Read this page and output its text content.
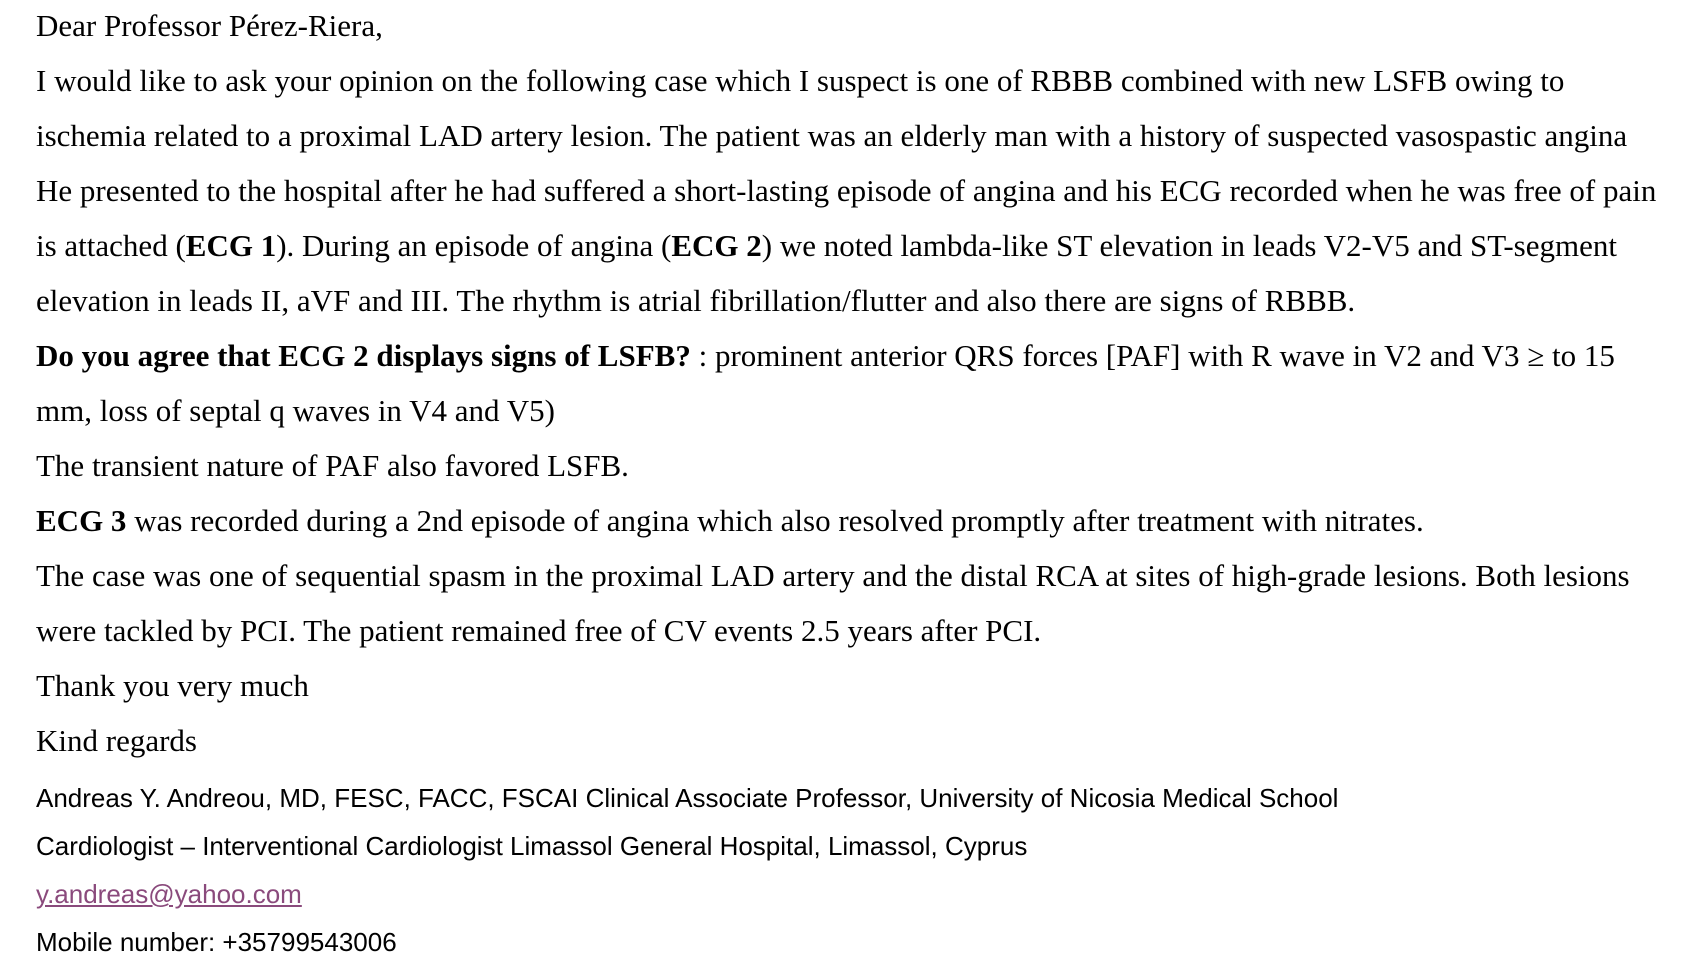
Dear Professor Pérez-Riera,

I would like to ask your opinion on the following case which I suspect is one of RBBB combined with new LSFB owing to

ischemia related to a proximal LAD artery lesion. The patient was an elderly man with a history of suspected vasospastic angina

He presented to the hospital after he had suffered a short-lasting episode of angina and his ECG recorded when he was free of pain

is attached (ECG 1). During an episode of angina (ECG 2) we noted lambda-like ST elevation in leads V2-V5 and ST-segment

elevation in leads II, aVF and III. The rhythm is atrial fibrillation/flutter and also there are signs of RBBB.

Do you agree that ECG 2 displays signs of LSFB? : prominent anterior QRS forces [PAF] with R wave in V2 and V3 ≥ to 15

mm, loss of septal q waves in V4 and V5)

The transient nature of PAF also favored LSFB.

ECG 3 was recorded during a 2nd episode of angina which also resolved promptly after treatment with nitrates.

The case was one of sequential spasm in the proximal LAD artery and the distal RCA at sites of high-grade lesions. Both lesions

were tackled by PCI. The patient remained free of CV events 2.5 years after PCI.

Thank you very much

Kind regards

Andreas Y. Andreou, MD, FESC, FACC, FSCAI Clinical Associate Professor, University of Nicosia Medical School

Cardiologist – Interventional Cardiologist Limassol General Hospital, Limassol, Cyprus

y.andreas@yahoo.com

Mobile number: +35799543006
